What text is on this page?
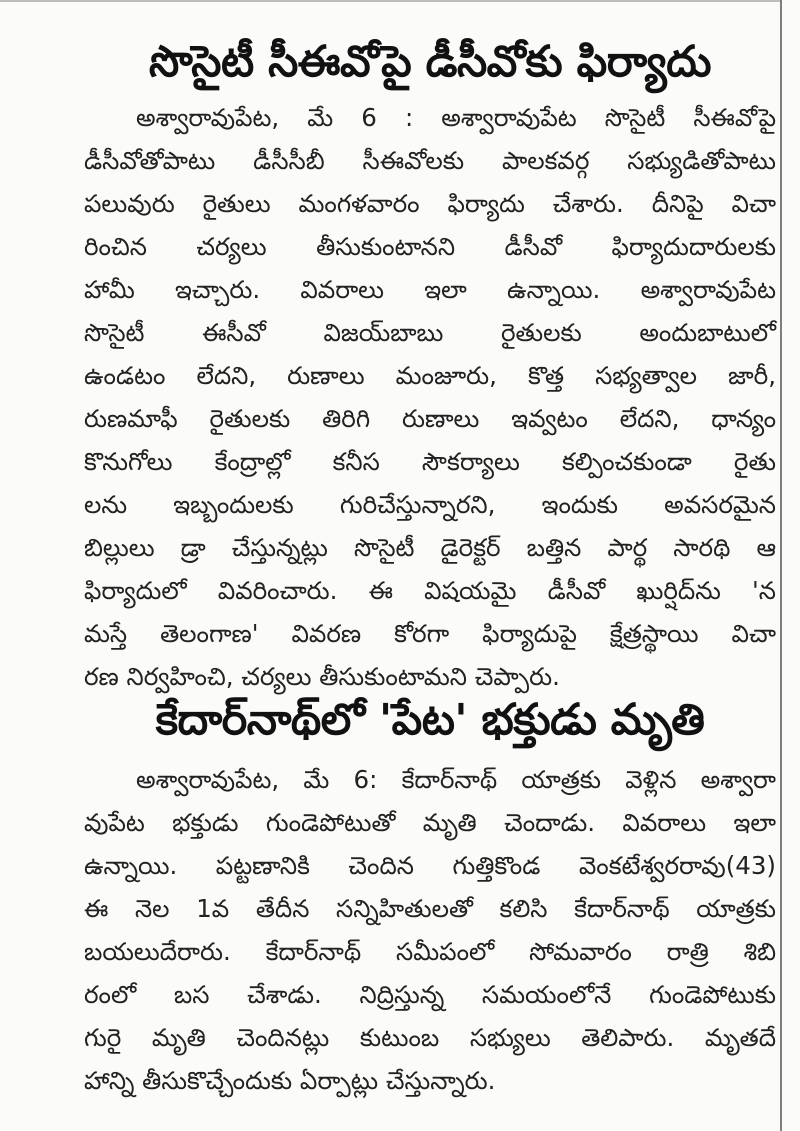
సొసైటీ సీఈవోపై డీసీవోకు ఫిర్యాదు

అశ్వారావుపేట, మే 6 : అశ్వారావుపేట సొసైటీ సీఈవోపై

డీసీవోతోపాటు డీసీసీబీ సీఈవోలకు పాలకవర్గ సభ్యుడితోపాటు

పలువురు రైతులు మంగళవారం ఫిర్యాదు చేశారు. దీనిపై విచా

రించిన చర్యలు తీసుకుంటానని డీసీవో ఫిర్యాదుదారులకు

హామీ ఇచ్చారు. వివరాలు ఇలా ఉన్నాయి. అశ్వారావుపేట

సొసైటీ ఈసీవో విజయ్‌బాబు రైతులకు అందుబాటులో

ఉండటం లేదని, రుణాలు మంజూరు, కొత్త సభ్యత్వాల జారీ,

రుణమాఫీ రైతులకు తిరిగి రుణాలు ఇవ్వటం లేదని, ధాన్యం

కొనుగోలు కేంద్రాల్లో కనీస సౌకర్యాలు కల్పించకుండా రైతు

లను ఇబ్బందులకు గురిచేస్తున్నారని, ఇందుకు అవసరమైన

బిల్లులు డ్రా చేస్తున్నట్లు సొసైటీ డైరెక్టర్ బత్తిన పార్థ సారథి ఆ

ఫిర్యాదులో వివరించారు. ఈ విషయమై డీసీవో ఖుర్షిద్‌ను 'న

మస్తే తెలంగాణ' వివరణ కోరగా ఫిర్యాదుపై క్షేత్రస్థాయి విచా

రణ నిర్వహించి, చర్యలు తీసుకుంటామని చెప్పారు.

కేదార్‌నాథ్‌లో 'పేట' భక్తుడు మృతి

అశ్వారావుపేట, మే 6: కేదార్‌నాథ్ యాత్రకు వెళ్లిన అశ్వారా

వుపేట భక్తుడు గుండెపోటుతో మృతి చెందాడు. వివరాలు ఇలా

ఉన్నాయి. పట్టణానికి చెందిన గుత్తికొండ వెంకటేశ్వరరావు(43)

ఈ నెల 1వ తేదీన సన్నిహితులతో కలిసి కేదార్‌నాథ్ యాత్రకు

బయలుదేరారు. కేదార్‌నాథ్ సమీపంలో సోమవారం రాత్రి శిబి

రంలో బస చేశాడు. నిద్రిస్తున్న సమయంలోనే గుండెపోటుకు

గురై మృతి చెందినట్లు కుటుంబ సభ్యులు తెలిపారు. మృతదే

హాన్ని తీసుకొచ్చేందుకు ఏర్పాట్లు చేస్తున్నారు.
